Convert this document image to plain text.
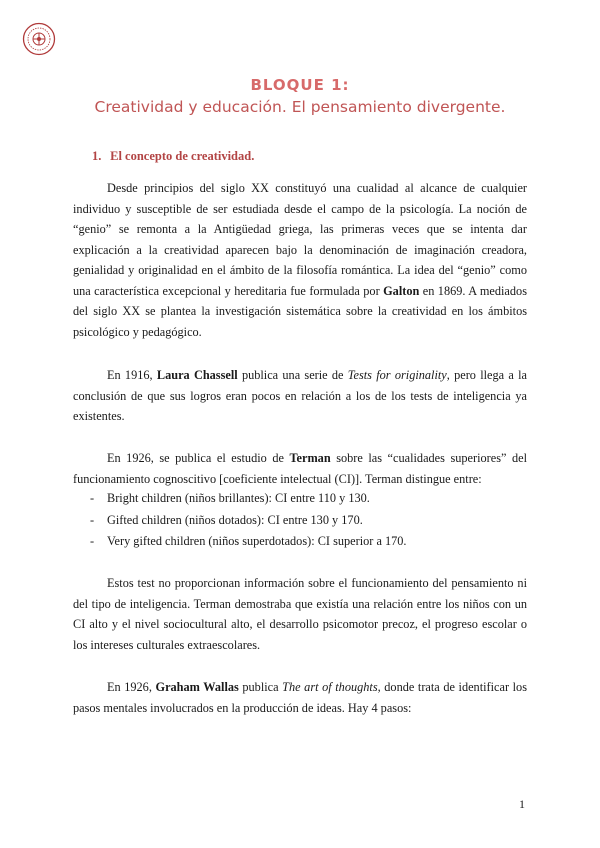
BLOQUE 1:
Creatividad y educación. El pensamiento divergente.
1. El concepto de creatividad.
Desde principios del siglo XX constituyó una cualidad al alcance de cualquier individuo y susceptible de ser estudiada desde el campo de la psicología. La noción de “genio” se remonta a la Antigüedad griega, las primeras veces que se intenta dar explicación a la creatividad aparecen bajo la denominación de imaginación creadora, genialidad y originalidad en el ámbito de la filosofía romántica. La idea del “genio” como una característica excepcional y hereditaria fue formulada por Galton en 1869. A mediados del siglo XX se plantea la investigación sistemática sobre la creatividad en los ámbitos psicológico y pedagógico.
En 1916, Laura Chassell publica una serie de Tests for originality, pero llega a la conclusión de que sus logros eran pocos en relación a los de los tests de inteligencia ya existentes.
En 1926, se publica el estudio de Terman sobre las “cualidades superiores” del funcionamiento cognoscitivo [coeficiente intelectual (CI)]. Terman distingue entre:
- Bright children (niños brillantes): CI entre 110 y 130.
- Gifted children (niños dotados): CI entre 130 y 170.
- Very gifted children (niños superdotados): CI superior a 170.
Estos test no proporcionan información sobre el funcionamiento del pensamiento ni del tipo de inteligencia. Terman demostraba que existía una relación entre los niños con un CI alto y el nivel sociocultural alto, el desarrollo psicomotor precoz, el progreso escolar o los intereses culturales extraescolares.
En 1926, Graham Wallas publica The art of thoughts, donde trata de identificar los pasos mentales involucrados en la producción de ideas. Hay 4 pasos:
1
